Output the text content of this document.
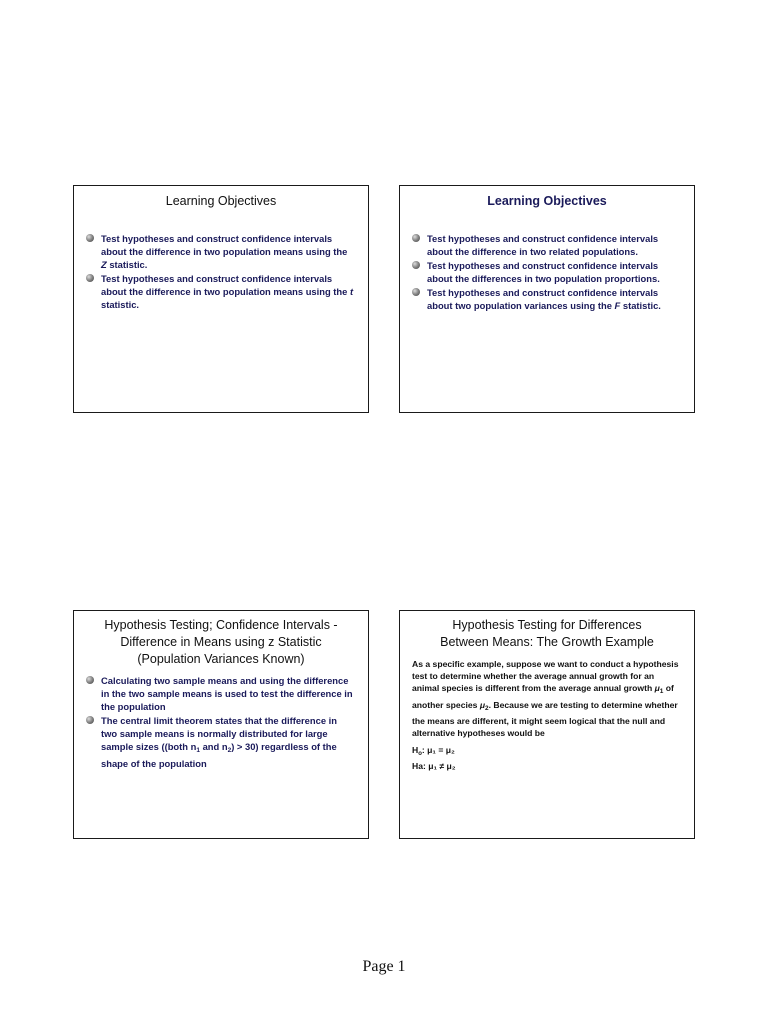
Learning Objectives
Test hypotheses and construct confidence intervals about the difference in two population means using the Z statistic.
Test hypotheses and construct confidence intervals about the difference in two population means using the t statistic.
Learning Objectives
Test hypotheses and construct confidence intervals about the difference in two related populations.
Test hypotheses and construct confidence intervals about the differences in two population proportions.
Test hypotheses and construct confidence intervals about two population variances using the F statistic.
Hypothesis Testing; Confidence Intervals -
Difference in Means using z Statistic
(Population Variances Known)
Calculating two sample means and using the difference in the two sample means is used to test the difference in the population
The central limit theorem states that the difference in two sample means is normally distributed for large sample sizes ((both $n_1$ and $n_2) > 30$) regardless of the shape of the population
Hypothesis Testing for Differences
Between Means: The Growth Example
As a specific example, suppose we want to conduct a hypothesis test to determine whether the average annual growth for an animal species is different from the average annual growth $\mu_1$ of another species $\mu_2$. Because we are testing to determine whether the means are different, it might seem logical that the null and alternative hypotheses would be
$H_o$: μ₁ = μ₂
Ha: μ₁ ≠ μ₂
Page 1
